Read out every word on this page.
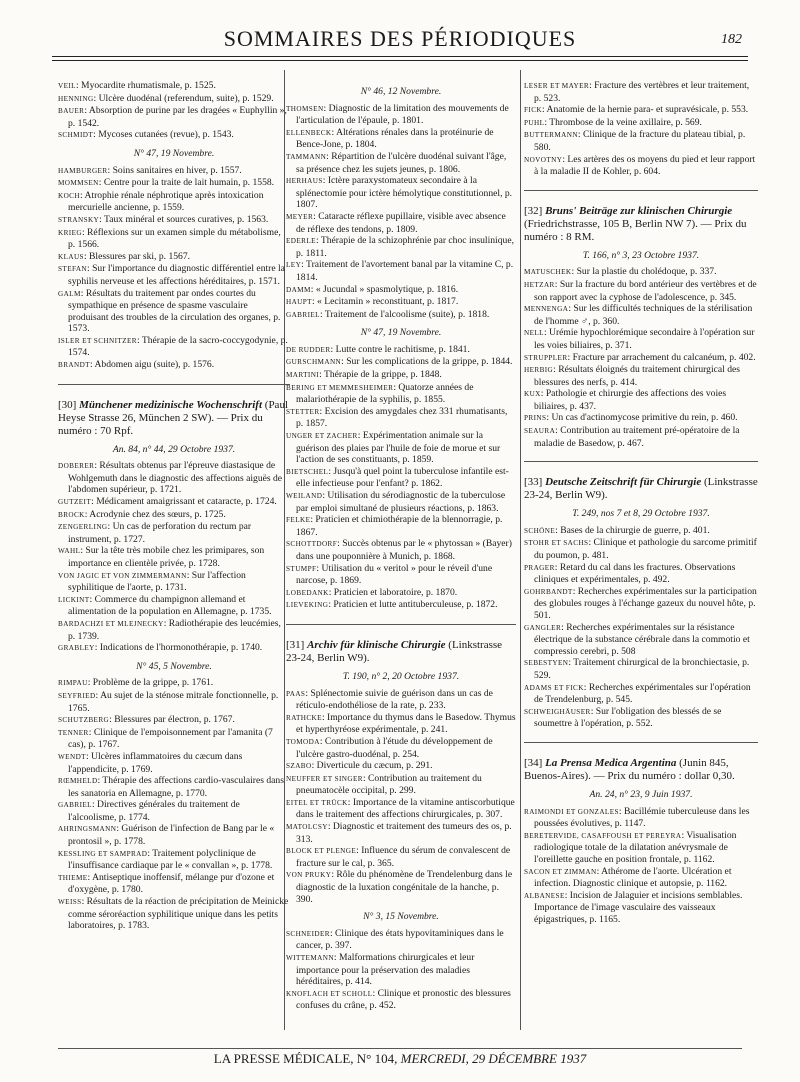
SOMMAIRES DES PÉRIODIQUES	182

VEIL: Myocardite rhumatismale, p. 1525.

HENNING: Ulcère duodénal (referendum, suite), p. 1529.

BAUER: Absorption de purine par les dragées « Euphyllin », p. 1542.

SCHMIDT: Mycoses cutanées (revue), p. 1543.

N° 47, 19 Novembre.

HAMBURGER: Soins sanitaires en hiver, p. 1557.

MOMMSEN: Centre pour la traite de lait humain, p. 1558.

KOCH: Atrophie rénale néphrotique après intoxication mercurielle ancienne, p. 1559.

STRANSKY: Taux minéral et sources curatives, p. 1563.

KRIEG: Réflexions sur un examen simple du métabolisme, p. 1566.

KLAUS: Blessures par ski, p. 1567.

STEFAN: Sur l'importance du diagnostic différentiel entre la syphilis nerveuse et les affections héréditaires, p. 1571.

GALM: Résultats du traitement par ondes courtes du sympathique en présence de spasme vasculaire produisant des troubles de la circulation des organes, p. 1573.

ISLER ET SCHNITZER: Thérapie de la sacro-coccygodynie, p. 1574.

BRANDT: Abdomen aigu (suite), p. 1576.

[30] Münchener medizinische Wochenschrift (Paul Heyse Strasse 26, München 2 SW). — Prix du numéro : 70 Rpf.
An. 84, n° 44, 29 Octobre 1937.

DOBERER: Résultats obtenus par l'épreuve diastasique de Wohlgemuth dans le diagnostic des affections aiguës de l'abdomen supérieur, p. 1721.

GUTZEIT: Médicament amaigrissant et cataracte, p. 1724.

BROCK: Acrodynie chez des sœurs, p. 1725.

ZENGERLING: Un cas de perforation du rectum par instrument, p. 1727.

WAHL: Sur la tête très mobile chez les primipares, son importance en clientèle privée, p. 1728.

VON JAGIC ET VON ZIMMERMANN: Sur l'affection syphilitique de l'aorte, p. 1731.

LICKINT: Commerce du champignon allemand et alimentation de la population en Allemagne, p. 1735.

BARDACHZI ET MLEJNECKY: Radiothérapie des leucémies, p. 1739.

GRABLEY: Indications de l'hormonothérapie, p. 1740.

N° 45, 5 Novembre.

RIMPAU: Problème de la grippe, p. 1761.

SEYFRIED: Au sujet de la sténose mitrale fonctionnelle, p. 1765.

SCHUTZBERG: Blessures par électron, p. 1767.

TENNER: Clinique de l'empoisonnement par l'amanita (7 cas), p. 1767.

WENDT: Ulcères inflammatoires du cæcum dans l'appendicite, p. 1769.

RŒMHELD: Thérapie des affections cardio-vasculaires dans les sanatoria en Allemagne, p. 1770.

GABRIEL: Directives générales du traitement de l'alcoolisme, p. 1774.

AHRINGSMANN: Guérison de l'infection de Bang par le « prontosil », p. 1778.

KESSLING ET SAMPRAD: Traitement polyclinique de l'insuffisance cardiaque par le « convallan », p. 1778.

THIEME: Antiseptique inoffensif, mélange pur d'ozone et d'oxygène, p. 1780.

WEISS: Résultats de la réaction de précipitation de Meinicke comme séroréaction syphilitique unique dans les petits laboratoires, p. 1783.

N° 46, 12 Novembre.

THOMSEN: Diagnostic de la limitation des mouvements de l'articulation de l'épaule, p. 1801.

ELLENBECK: Altérations rénales dans la protéinurie de Bence-Jone, p. 1804.

TAMMANN: Répartition de l'ulcère duodénal suivant l'âge, sa présence chez les sujets jeunes, p. 1806.

HERHAUS: Ictère paraxystomateux secondaire à la splénectomie pour ictère hémolytique constitutionnel, p. 1807.

MEYER: Cataracte réflexe pupillaire, visible avec absence de réflexe des tendons, p. 1809.

EDERLE: Thérapie de la schizophrénie par choc insulinique, p. 1811.

LEY: Traitement de l'avortement banal par la vitamine C, p. 1814.

DAMM: « Jucundal » spasmolytique, p. 1816.

HAUPT: « Lecitamin » reconstituant, p. 1817.

GABRIEL: Traitement de l'alcoolisme (suite), p. 1818.

N° 47, 19 Novembre.

DE RUDDER: Lutte contre le rachitisme, p. 1841.

GURSCHMANN: Sur les complications de la grippe, p. 1844.

MARTINI: Thérapie de la grippe, p. 1848.

BERING ET MEMMESHEIMER: Quatorze années de malariothérapie de la syphilis, p. 1855.

STETTER: Excision des amygdales chez 331 rhumatisants, p. 1857.

UNGER ET ZACHER: Expérimentation animale sur la guérison des plaies par l'huile de foie de morue et sur l'action de ses constituants, p. 1859.

BIETSCHEL: Jusqu'à quel point la tuberculose infantile est-elle infectieuse pour l'enfant? p. 1862.

WEILAND: Utilisation du sérodiagnostic de la tuberculose par emploi simultané de plusieurs réactions, p. 1863.

FELKE: Praticien et chimiothérapie de la blennorragie, p. 1867.

SCHOTTDORF: Succès obtenus par le « phytossan » (Bayer) dans une pouponnière à Munich, p. 1868.

STUMPF: Utilisation du « veritol » pour le réveil d'une narcose, p. 1869.

LOBEDANK: Praticien et laboratoire, p. 1870.

LIEVEKING: Praticien et lutte antituberculeuse, p. 1872.

[31] Archiv für klinische Chirurgie (Linkstrasse 23-24, Berlin W9).
T. 190, n° 2, 20 Octobre 1937.

PAAS: Splénectomie suivie de guérison dans un cas de réticulo-endothéliose de la rate, p. 233.

RATHCKE: Importance du thymus dans le Basedow. Thymus et hyperthyréose expérimentale, p. 241.

TOMODA: Contribution à l'étude du développement de l'ulcère gastro-duodénal, p. 254.

SZABO: Diverticule du cæcum, p. 291.

NEUFFER ET SINGER: Contribution au traitement du pneumatocèle occipital, p. 299.

EITEL ET TRÜCK: Importance de la vitamine antiscorbutique dans le traitement des affections chirurgicales, p. 307.

MATOLCSY: Diagnostic et traitement des tumeurs des os, p. 313.

BLOCK ET PLENGE: Influence du sérum de convalescent de fracture sur le cal, p. 365.

VON PRUKY: Rôle du phénomène de Trendelenburg dans le diagnostic de la luxation congénitale de la hanche, p. 390.

N° 3, 15 Novembre.

SCHNEIDER: Clinique des états hypovitaminiques dans le cancer, p. 397.

WITTEMANN: Malformations chirurgicales et leur importance pour la préservation des maladies héréditaires, p. 414.

KNOFLACH ET SCHOLL: Clinique et pronostic des blessures confuses du crâne, p. 452.

LESER ET MAYER: Fracture des vertèbres et leur traitement, p. 523.

FICK: Anatomie de la hernie para- et supravésicale, p. 553.

PUHL: Thrombose de la veine axillaire, p. 569.

BUTTERMANN: Clinique de la fracture du plateau tibial, p. 580.

NOVOTNY: Les artères des os moyens du pied et leur rapport à la maladie II de Kohler, p. 604.

[32] Bruns' Beiträge zur klinischen Chirurgie (Friedrichstrasse, 105 B, Berlin NW 7). — Prix du numéro : 8 RM.
T. 166, n° 3, 23 Octobre 1937.

MATUSCHEK: Sur la plastie du cholédoque, p. 337.

HETZAR: Sur la fracture du bord antérieur des vertèbres et de son rapport avec la cyphose de l'adolescence, p. 345.

MENNENGA: Sur les difficultés techniques de la stérilisation de l'homme ♂, p. 360.

NELL: Urémie hypochlorémique secondaire à l'opération sur les voies biliaires, p. 371.

STRUPPLER: Fracture par arrachement du calcanéum, p. 402.

HERBIG: Résultats éloignés du traitement chirurgical des blessures des nerfs, p. 414.

KUX: Pathologie et chirurgie des affections des voies biliaires, p. 437.

PRINS: Un cas d'actinomycose primitive du rein, p. 460.

SEAURA: Contribution au traitement pré-opératoire de la maladie de Basedow, p. 467.

[33] Deutsche Zeitschrift für Chirurgie (Linkstrasse 23-24, Berlin W9).
T. 249, nos 7 et 8, 29 Octobre 1937.

SCHÖNE: Bases de la chirurgie de guerre, p. 401.

STOHR ET SACHS: Clinique et pathologie du sarcome primitif du poumon, p. 481.

PRAGER: Retard du cal dans les fractures. Observations cliniques et expérimentales, p. 492.

GOHRBANDT: Recherches expérimentales sur la participation des globules rouges à l'échange gazeux du nouvel hôte, p. 501.

GANGLER: Recherches expérimentales sur la résistance électrique de la substance cérébrale dans la commotio et compressio cerebri, p. 508

SEBESTYEN: Traitement chirurgical de la bronchiectasie, p. 529.

ADAMS ET FICK: Recherches expérimentales sur l'opération de Trendelenburg, p. 545.

SCHWEIGHÄUSER: Sur l'obligation des blessés de se soumettre à l'opération, p. 552.

[34] La Prensa Medica Argentina (Junin 845, Buenos-Aires). — Prix du numéro : dollar 0,30.
An. 24, n° 23, 9 Juin 1937.

RAIMONDI ET GONZALES: Bacillémie tuberculeuse dans les poussées évolutives, p. 1147.

BERETERVIDE, CASAFFOUSH ET PEREYRA: Visualisation radiologique totale de la dilatation anévrysmale de l'oreillette gauche en position frontale, p. 1162.

SACON ET ZIMMAN: Athérome de l'aorte. Ulcération et infection. Diagnostic clinique et autopsie, p. 1162.

ALBANESE: Incision de Jalaguier et incisions semblables. Importance de l'image vasculaire des vaisseaux épigastriques, p. 1165.

LA PRESSE MÉDICALE, N° 104, MERCREDI, 29 DÉCEMBRE 1937
